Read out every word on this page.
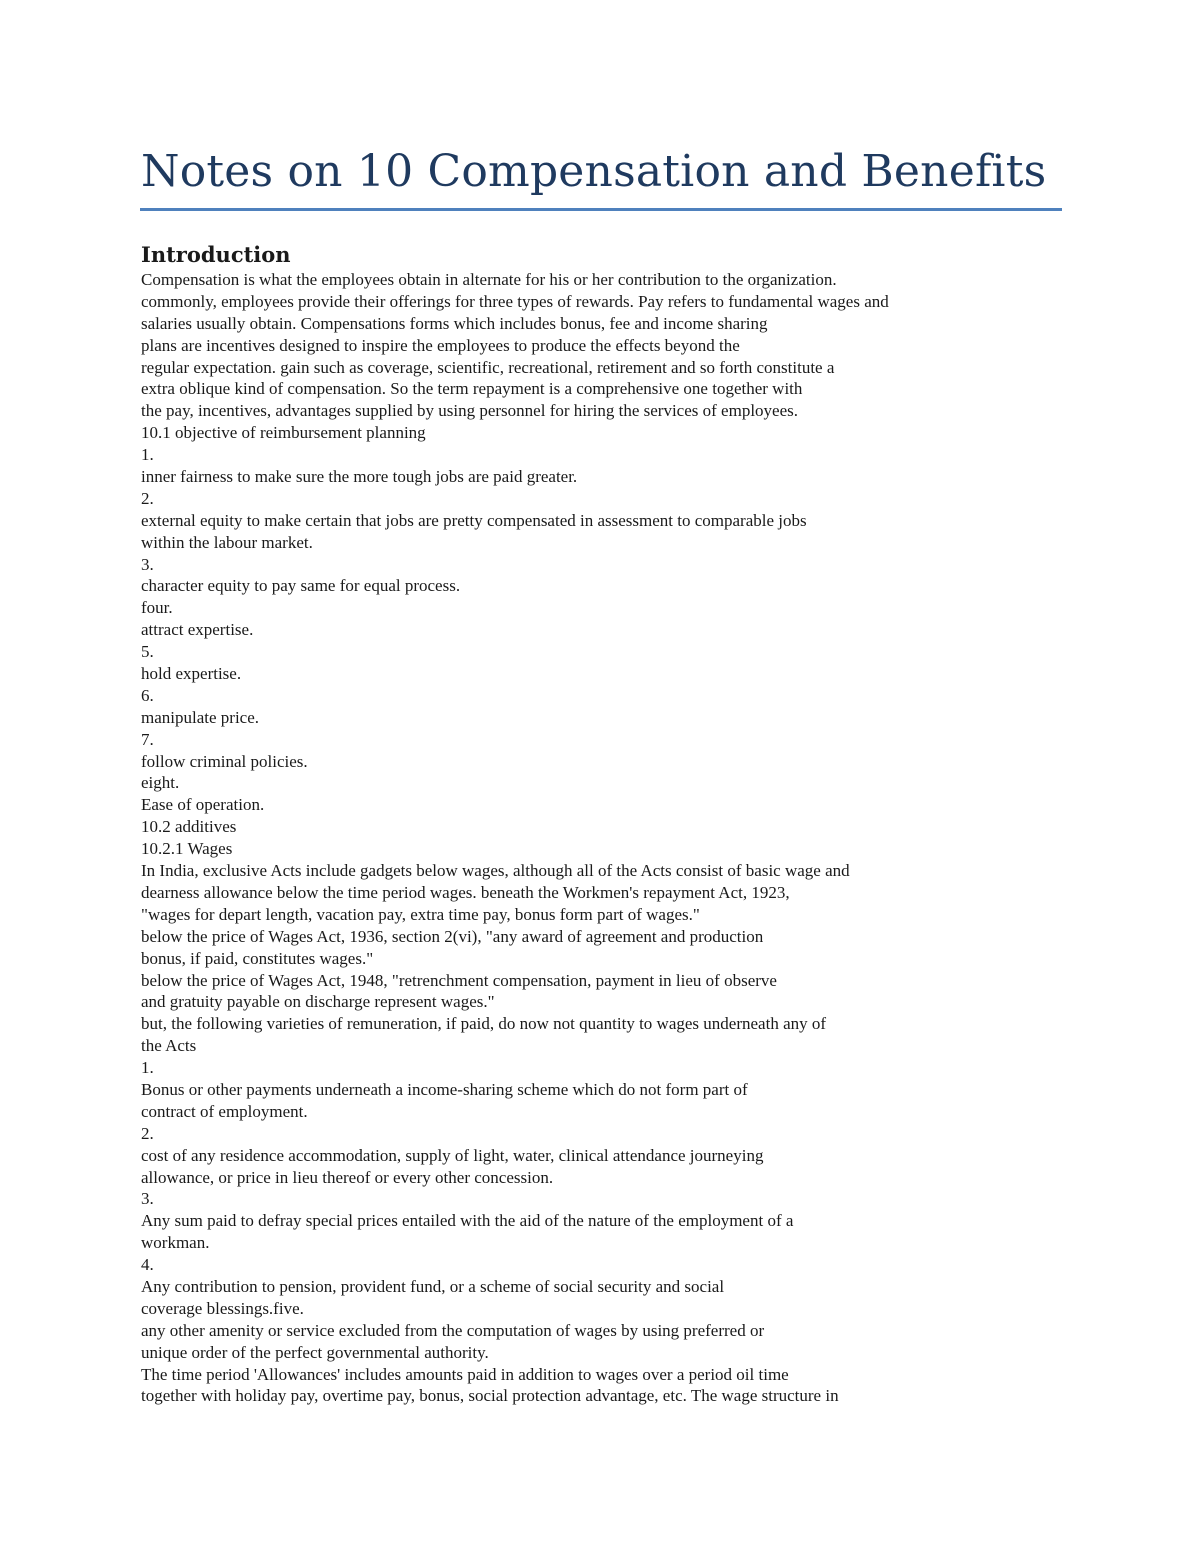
Notes on 10 Compensation and Benefits
Introduction
Compensation is what the employees obtain in alternate for his or her contribution to the organization.
commonly, employees provide their offerings for three types of rewards. Pay refers to fundamental wages and
salaries usually obtain. Compensations forms which includes bonus, fee and income sharing
plans are incentives designed to inspire the employees to produce the effects beyond the
regular expectation. gain such as coverage, scientific, recreational, retirement and so forth constitute a
extra oblique kind of compensation. So the term repayment is a comprehensive one together with
the pay, incentives, advantages supplied by using personnel for hiring the services of employees.
10.1 objective of reimbursement planning
1.
inner fairness to make sure the more tough jobs are paid greater.
2.
external equity to make certain that jobs are pretty compensated in assessment to comparable jobs
within the labour market.
3.
character equity to pay same for equal process.
four.
attract expertise.
5.
hold expertise.
6.
manipulate price.
7.
follow criminal policies.
eight.
Ease of operation.
10.2 additives
10.2.1 Wages
In India, exclusive Acts include gadgets below wages, although all of the Acts consist of basic wage and
dearness allowance below the time period wages. beneath the Workmen's repayment Act, 1923,
"wages for depart length, vacation pay, extra time pay, bonus form part of wages."
below the price of Wages Act, 1936, section 2(vi), "any award of agreement and production
bonus, if paid, constitutes wages."
below the price of Wages Act, 1948, "retrenchment compensation, payment in lieu of observe
and gratuity payable on discharge represent wages."
but, the following varieties of remuneration, if paid, do now not quantity to wages underneath any of
the Acts
1.
Bonus or other payments underneath a income-sharing scheme which do not form part of
contract of employment.
2.
cost of any residence accommodation, supply of light, water, clinical attendance journeying
allowance, or price in lieu thereof or every other concession.
3.
Any sum paid to defray special prices entailed with the aid of the nature of the employment of a
workman.
4.
Any contribution to pension, provident fund, or a scheme of social security and social
coverage blessings.five.
any other amenity or service excluded from the computation of wages by using preferred or
unique order of the perfect governmental authority.
The time period 'Allowances' includes amounts paid in addition to wages over a period oil time
together with holiday pay, overtime pay, bonus, social protection advantage, etc. The wage structure in
